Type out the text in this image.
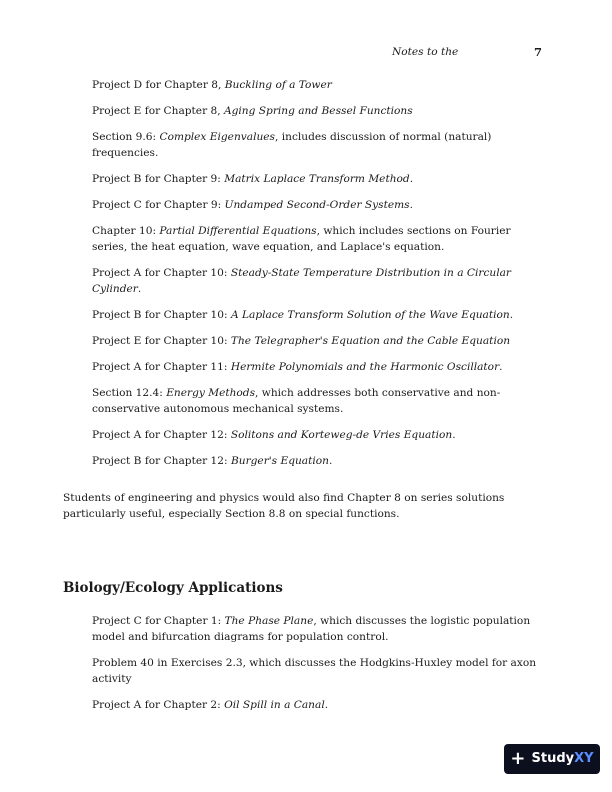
Notes to the	7

Project D for Chapter 8, Buckling of a Tower

Project E for Chapter 8, Aging Spring and Bessel Functions

Section 9.6: Complex Eigenvalues, includes discussion of normal (natural) frequencies.

Project B for Chapter 9: Matrix Laplace Transform Method.

Project C for Chapter 9: Undamped Second-Order Systems.

Chapter 10: Partial Differential Equations, which includes sections on Fourier series, the heat equation, wave equation, and Laplace's equation.

Project A for Chapter 10: Steady-State Temperature Distribution in a Circular Cylinder.

Project B for Chapter 10: A Laplace Transform Solution of the Wave Equation.

Project E for Chapter 10: The Telegrapher's Equation and the Cable Equation

Project A for Chapter 11: Hermite Polynomials and the Harmonic Oscillator.

Section 12.4: Energy Methods, which addresses both conservative and non-conservative autonomous mechanical systems.

Project A for Chapter 12: Solitons and Korteweg-de Vries Equation.

Project B for Chapter 12: Burger's Equation.

Students of engineering and physics would also find Chapter 8 on series solutions particularly useful, especially Section 8.8 on special functions.

Biology/Ecology Applications

Project C for Chapter 1: The Phase Plane, which discusses the logistic population model and bifurcation diagrams for population control.

Problem 40 in Exercises 2.3, which discusses the Hodgkins-Huxley model for axon activity

Project A for Chapter 2: Oil Spill in a Canal.

+ StudyXY
